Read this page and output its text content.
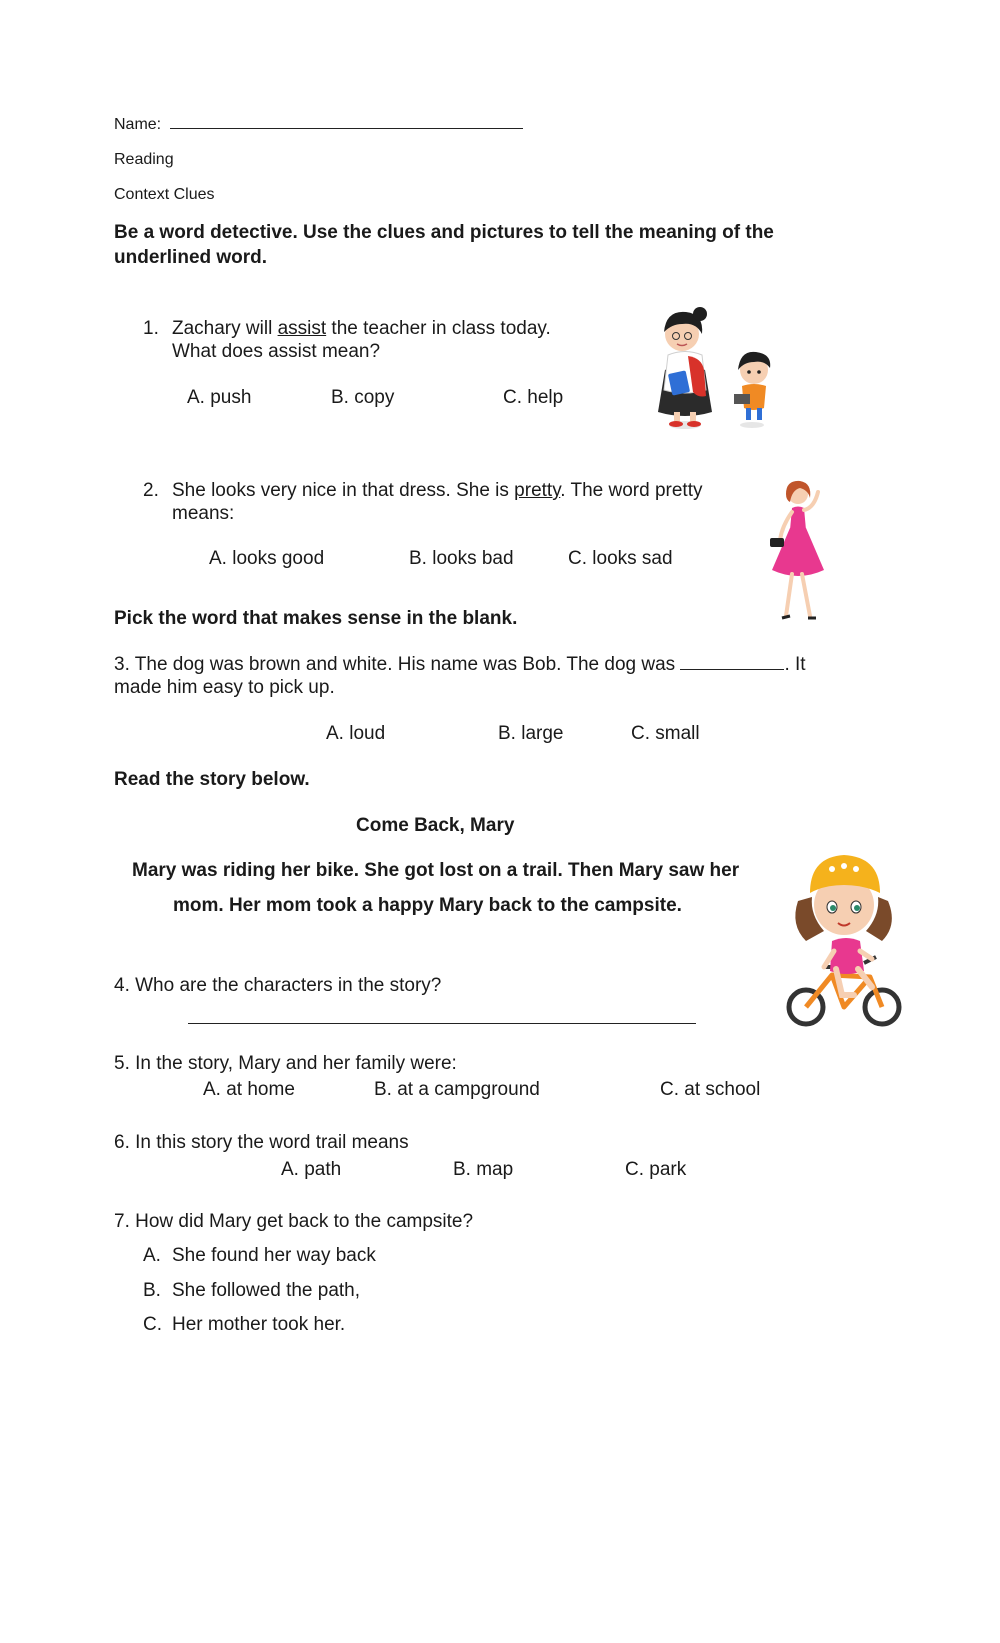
Name:
Reading
Context Clues
Be a word detective. Use the clues and pictures to tell the meaning of the
underlined word.
1. Zachary will assist the teacher in class today.
What does assist mean?
A. push	B. copy	C. help
2. She looks very nice in that dress. She is pretty. The word pretty
means:
A. looks good	B. looks bad	C. looks sad
Pick the word that makes sense in the blank.
3. The dog was brown and white. His name was Bob. The dog was	. It
made him easy to pick up.
A. loud	B. large	C. small
Read the story below.
Come Back, Mary
Mary was riding her bike. She got lost on a trail. Then Mary saw her
mom. Her mom took a happy Mary back to the campsite.
4. Who are the characters in the story?
5. In the story, Mary and her family were:
A. at home	B. at a campground	C. at school
6. In this story the word trail means
A. path	B. map	C. park
7. How did Mary get back to the campsite?
A. She found her way back
B. She followed the path,
C. Her mother took her.
